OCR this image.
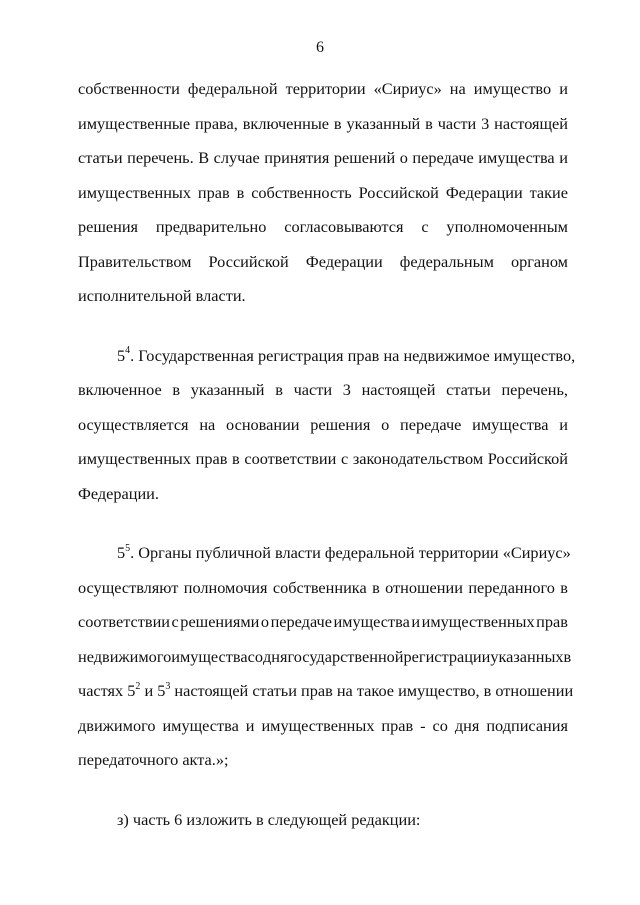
6
собственности федеральной территории «Сириус» на имущество и
имущественные права, включенные в указанный в части 3 настоящей
статьи перечень. В случае принятия решений о передаче имущества и
имущественных прав в собственность Российской Федерации такие
решения предварительно согласовываются с уполномоченным
Правительством Российской Федерации федеральным органом
исполнительной власти.
$5^4$. Государственная регистрация прав на недвижимое имущество,
включенное в указанный в части 3 настоящей статьи перечень,
осуществляется на основании решения о передаче имущества и
имущественных прав в соответствии с законодательством Российской
Федерации.
$5^5$. Органы публичной власти федеральной территории «Сириус»
осуществляют полномочия собственника в отношении переданного в
соответствии с решениями о передаче имущества и имущественных прав
недвижимого имущества со дня государственной регистрации указанных в
частях $5^2$ и $5^3$ настоящей статьи прав на такое имущество, в отношении
движимого имущества и имущественных прав - со дня подписания
передаточного акта.»;
з) часть 6 изложить в следующей редакции:
